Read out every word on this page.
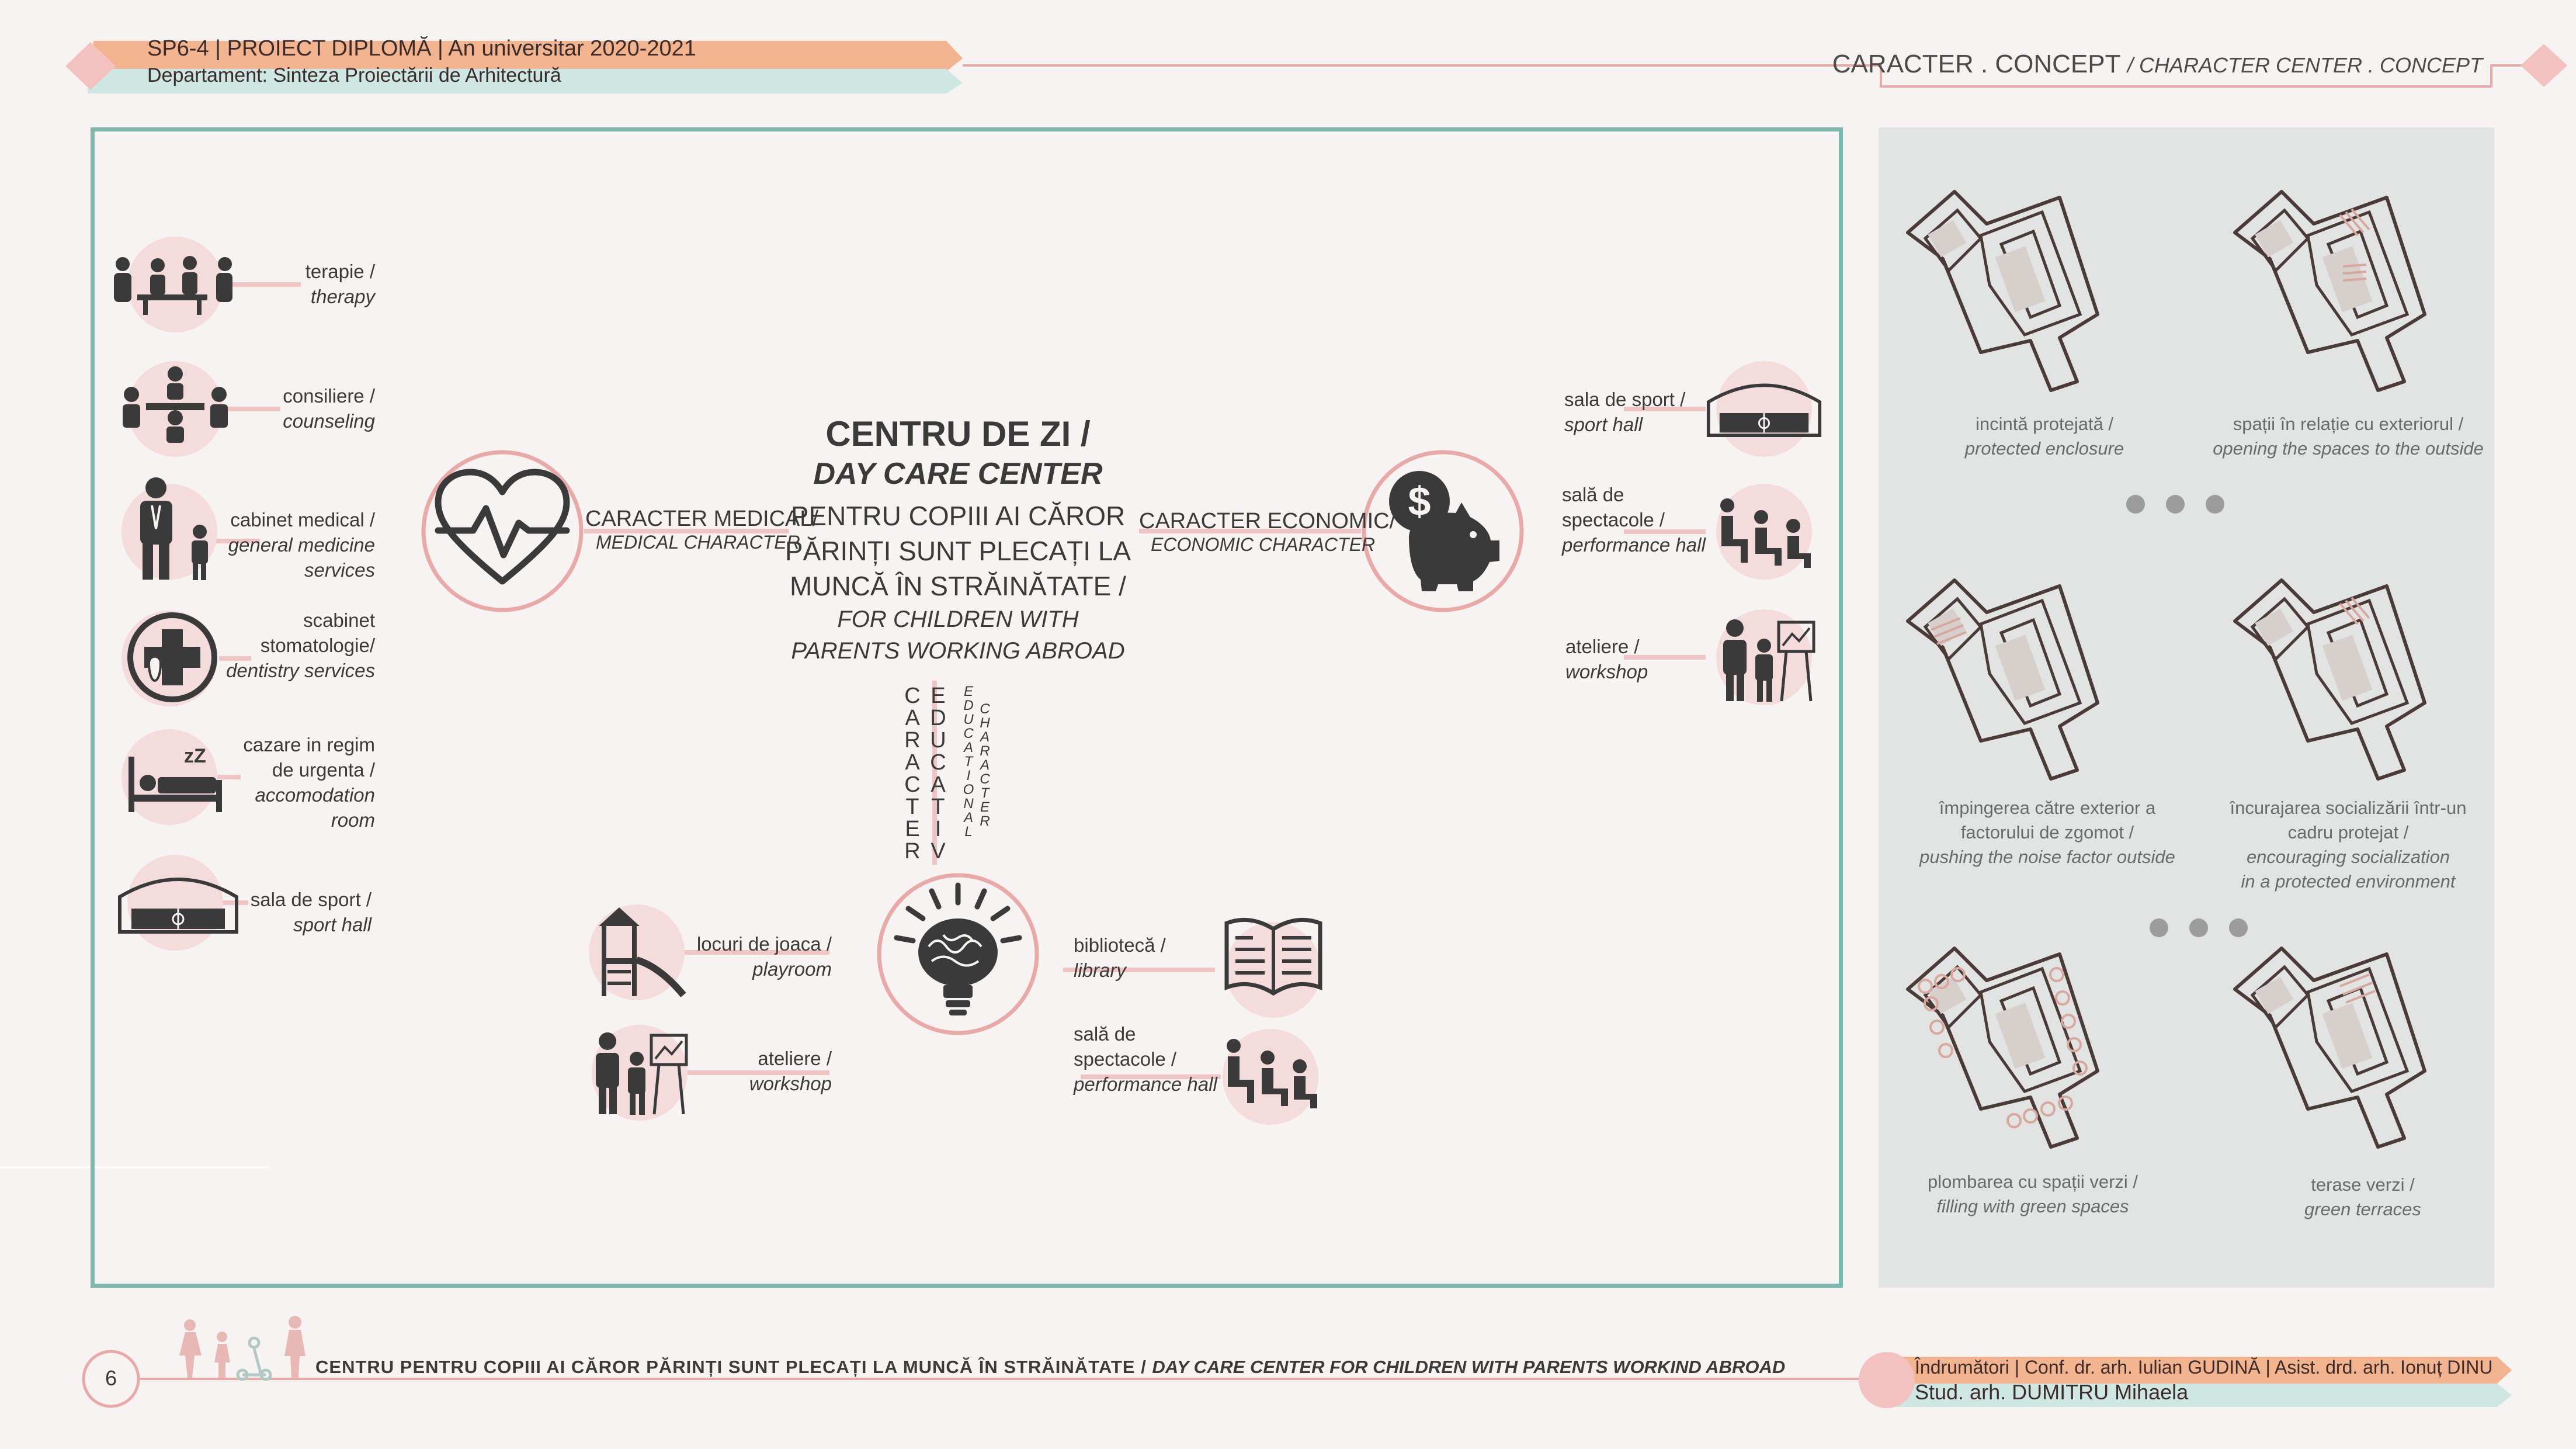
SP6-4 | PROIECT DIPLOMĂ | An universitar 2020-2021
Departament: Sinteza Proiectării de Arhitectură	CARACTER . CONCEPT / CHARACTER CENTER . CONCEPT
$
CENTRU DE ZI /
DAY CARE CENTER
PENTRU COPIII AI CĂROR
PĂRINȚI SUNT PLECAȚI LA
MUNCĂ ÎN STRĂINĂTATE /
FOR CHILDREN WITH
PARENTS WORKING ABROAD
CARACTER MEDICAL/
MEDICAL CHARACTER
CARACTER ECONOMIC/
ECONOMIC CHARACTER
C
A
R
A
C
T
E
R
E
D
U
C
A
T
I
V
E
D
U
C
A
T
I
O
N
A
L
C
H
A
R
A
C
T
E
R
zZ
terapie /
therapy
consiliere /
counseling
cabinet medical /
general medicine
services
scabinet
stomatologie/
dentistry services
cazare in regim
de urgenta /
accomodation
room
sala de sport /
sport hall
sala de sport /
sport hall
sală de
spectacole /
performance hall
ateliere /
workshop
locuri de joaca /
playroom
ateliere /
workshop
bibliotecă /
library
sală de
spectacole /
performance hall
incintă protejată /
protected enclosure
spații în relație cu exteriorul /
opening the spaces to the outside
împingerea către exterior a
factorului de zgomot /
pushing the noise factor outside
încurajarea socializării într-un
cadru protejat /
encouraging socialization
in a protected environment
plombarea cu spații verzi /
filling with green spaces
terase verzi /
green terraces
6	CENTRU PENTRU COPIII AI CĂROR PĂRINȚI SUNT PLECAȚI LA MUNCĂ ÎN STRĂINĂTATE / DAY CARE CENTER FOR CHILDREN WITH PARENTS WORKIND ABROAD	Îndrumători | Conf. dr. arh. Iulian GUDINĂ | Asist. drd. arh. Ionuț DINU
Stud. arh. DUMITRU Mihaela
